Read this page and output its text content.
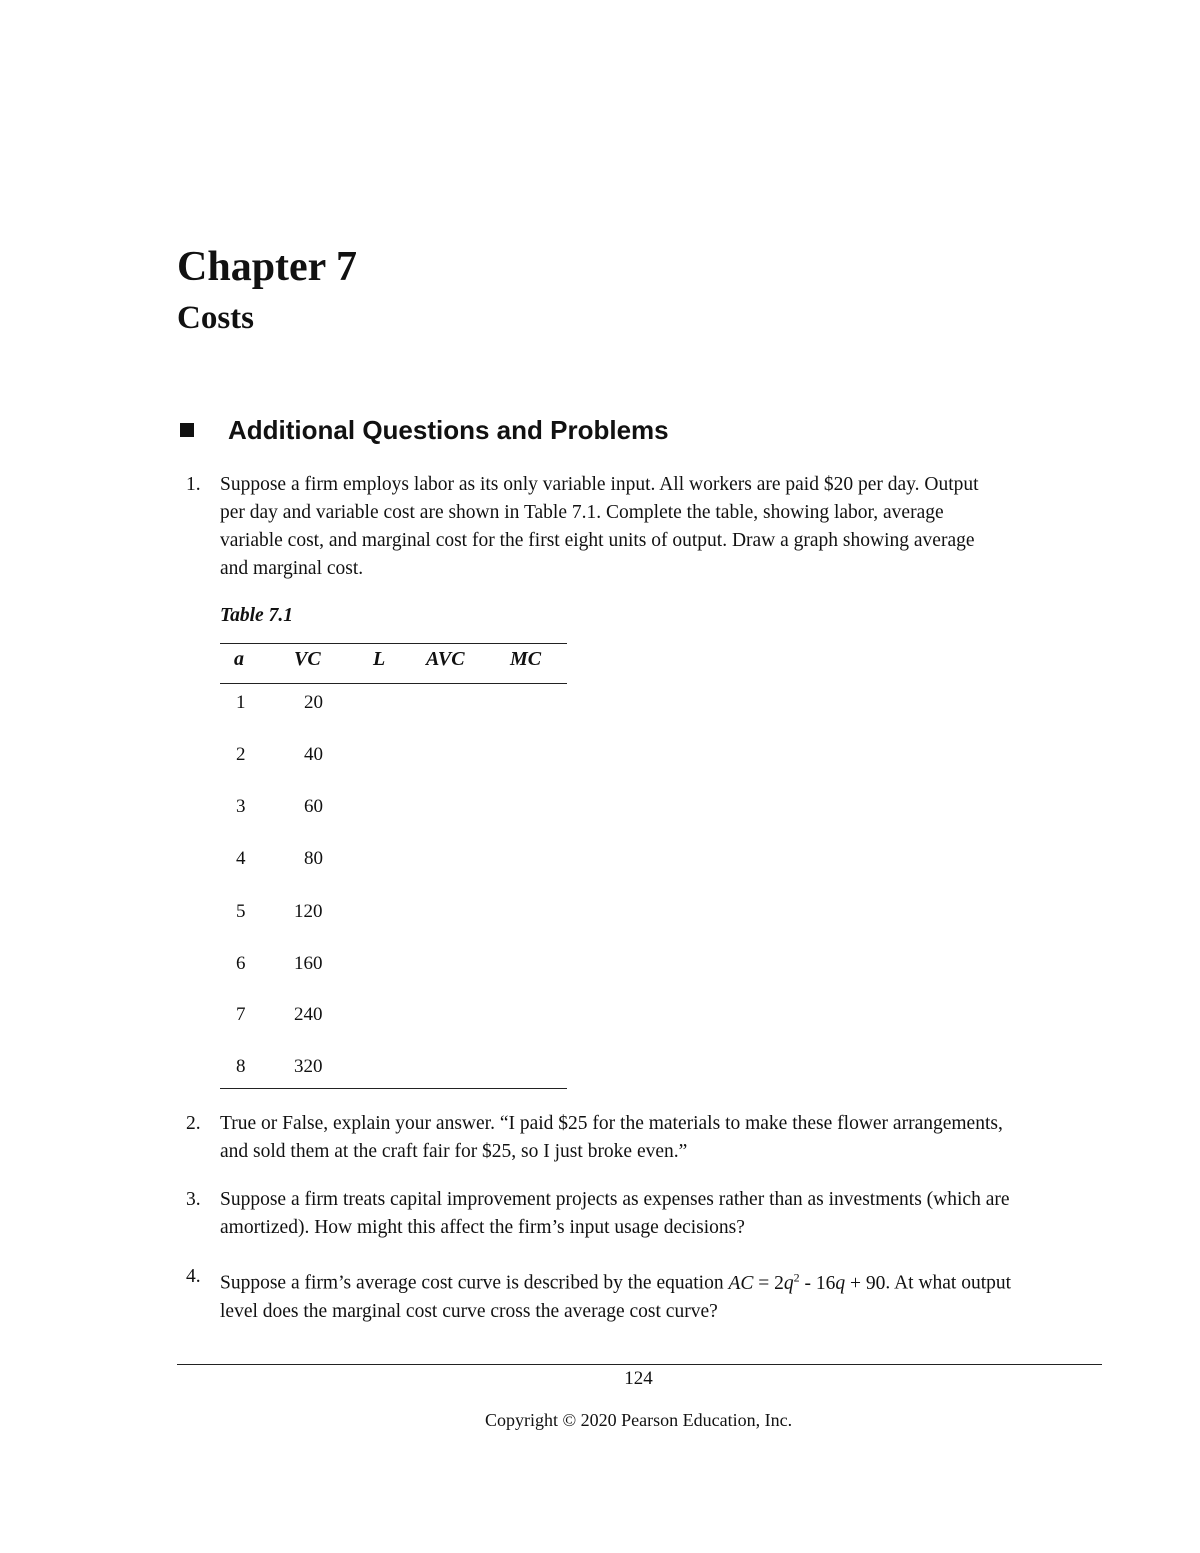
Chapter 7
Costs
Additional Questions and Problems
1. Suppose a firm employs labor as its only variable input. All workers are paid $20 per day. Output
per day and variable cost are shown in Table 7.1. Complete the table, showing labor, average
variable cost, and marginal cost for the first eight units of output. Draw a graph showing average
and marginal cost.
Table 7.1
a	VC	L AVC MC
1	20
2	40
3	60
4	80
5	120
6	160
7	240
8	320
2. True or False, explain your answer. “I paid $25 for the materials to make these flower arrangements,
and sold them at the craft fair for $25, so I just broke even.”
3. Suppose a firm treats capital improvement projects as expenses rather than as investments (which are
amortized). How might this affect the firm’s input usage decisions?
4. Suppose a firm’s average cost curve is described by the equation AC = $2q^2 - 16q + 90$. At what output
level does the marginal cost curve cross the average cost curve?
124
Copyright © 2020 Pearson Education, Inc.
